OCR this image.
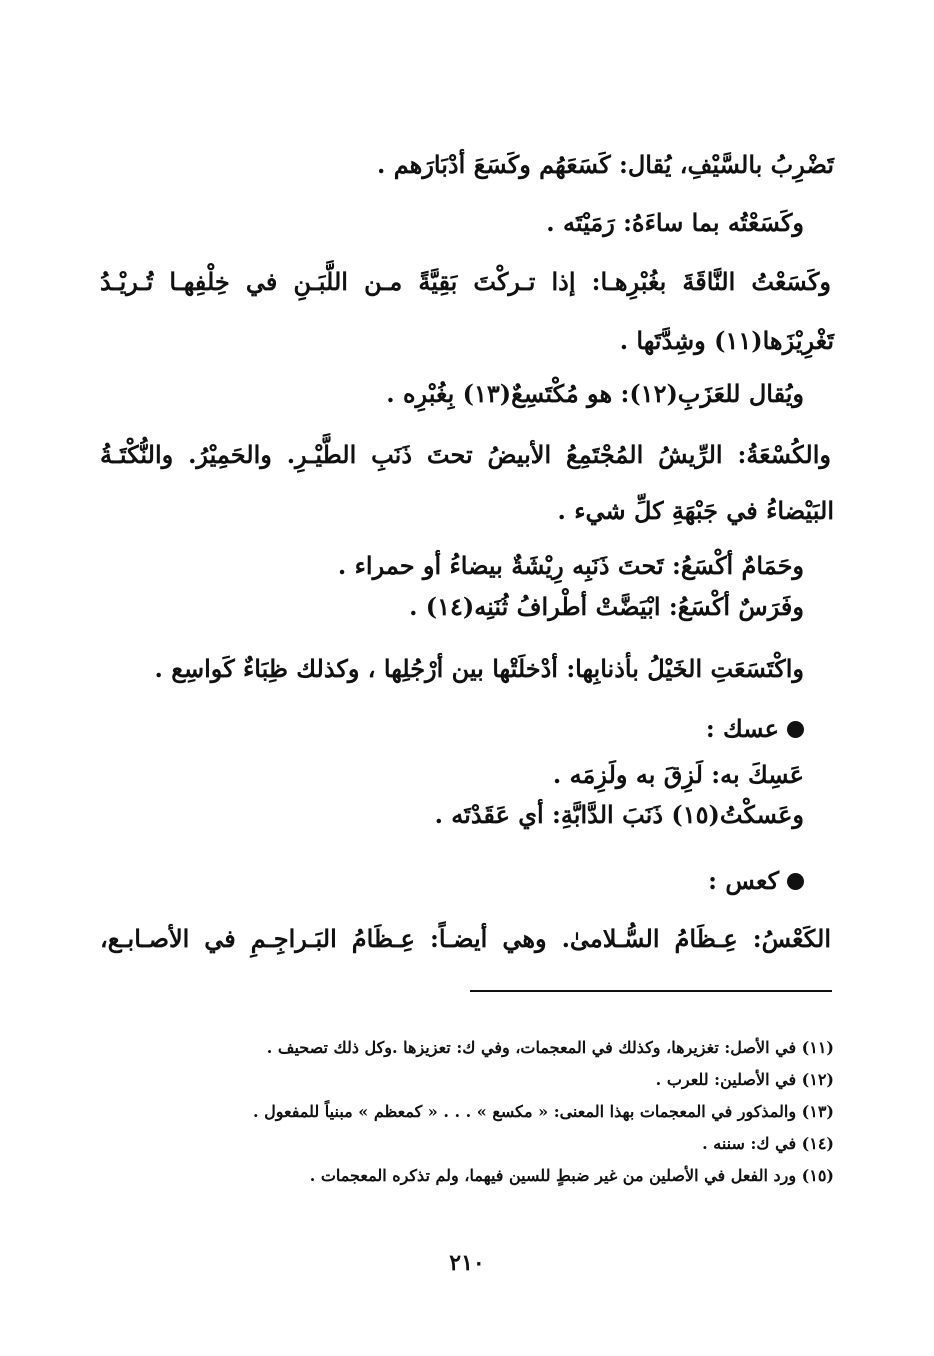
تَضْرِبُ بالسَّيْفِ، يُقال: كَسَعَهُم وكَسَعَ أدْبَارَهم .
وكَسَعْتُه بما ساءَهُ: رَمَيْتَه .
وكَسَعْتُ النَّاقَةَ بغُبْرِهـا: إذا تـركْتَ بَقِيَّةً مـن اللَّبَـنِ في خِلْفِهـا تُـريْـدُ
تَغْرِيْزَها(١١) وشِدَّتَها .
ويُقال للعَزَبِ(١٢): هو مُكْتَسِعٌ(١٣) بِغُبْرِه .
والكُسْعَةُ: الرِّيشُ المُجْتَمِعُ الأبيضُ تحتَ ذَنَبِ الطَّيْـرِ. والحَمِيْرُ. والنُّكْتَـةُ
البَيْضاءُ في جَبْهَةِ كلِّ شيء .
وحَمَامٌ أكْسَعُ: تَحتَ ذَنَبِه رِيْشَةٌ بيضاءُ أو حمراء .
وفَرَسٌ أكْسَعُ: ابْيَضَّتْ أطْرافُ ثُنَنِه(١٤) .
واكْتَسَعَتِ الخَيْلُ بأذنابِها: أدْخلَتْها بين أرْجُلِها ، وكذلك ظِبَاءٌ كَواسِع .
عسك :
عَسِكَ به: لَزِقَ به ولَزِمَه .
وعَسكْتُ(١٥) ذَنَبَ الدَّابَّةِ: أي عَقَدْتَه .
كعس :
الكَعْسُ: عِـظَامُ السُّـلامىٰ. وهي أيضـاً: عِـظَامُ البَـراجِـمِ في الأصـابـع،
(١١) في الأصل: تغزيرها، وكذلك في المعجمات، وفي ك: تعزيزها .وكل ذلك تصحيف .
(١٢) في الأصلين: للعرب .
(١٣) والمذكور في المعجمات بهذا المعنى: « مكسع » . . . « كمعظم » مبنياً للمفعول .
(١٤) في ك: سننه .
(١٥) ورد الفعل في الأصلين من غير ضبطٍ للسين فيهما، ولم تذكره المعجمات .
٢١٠
